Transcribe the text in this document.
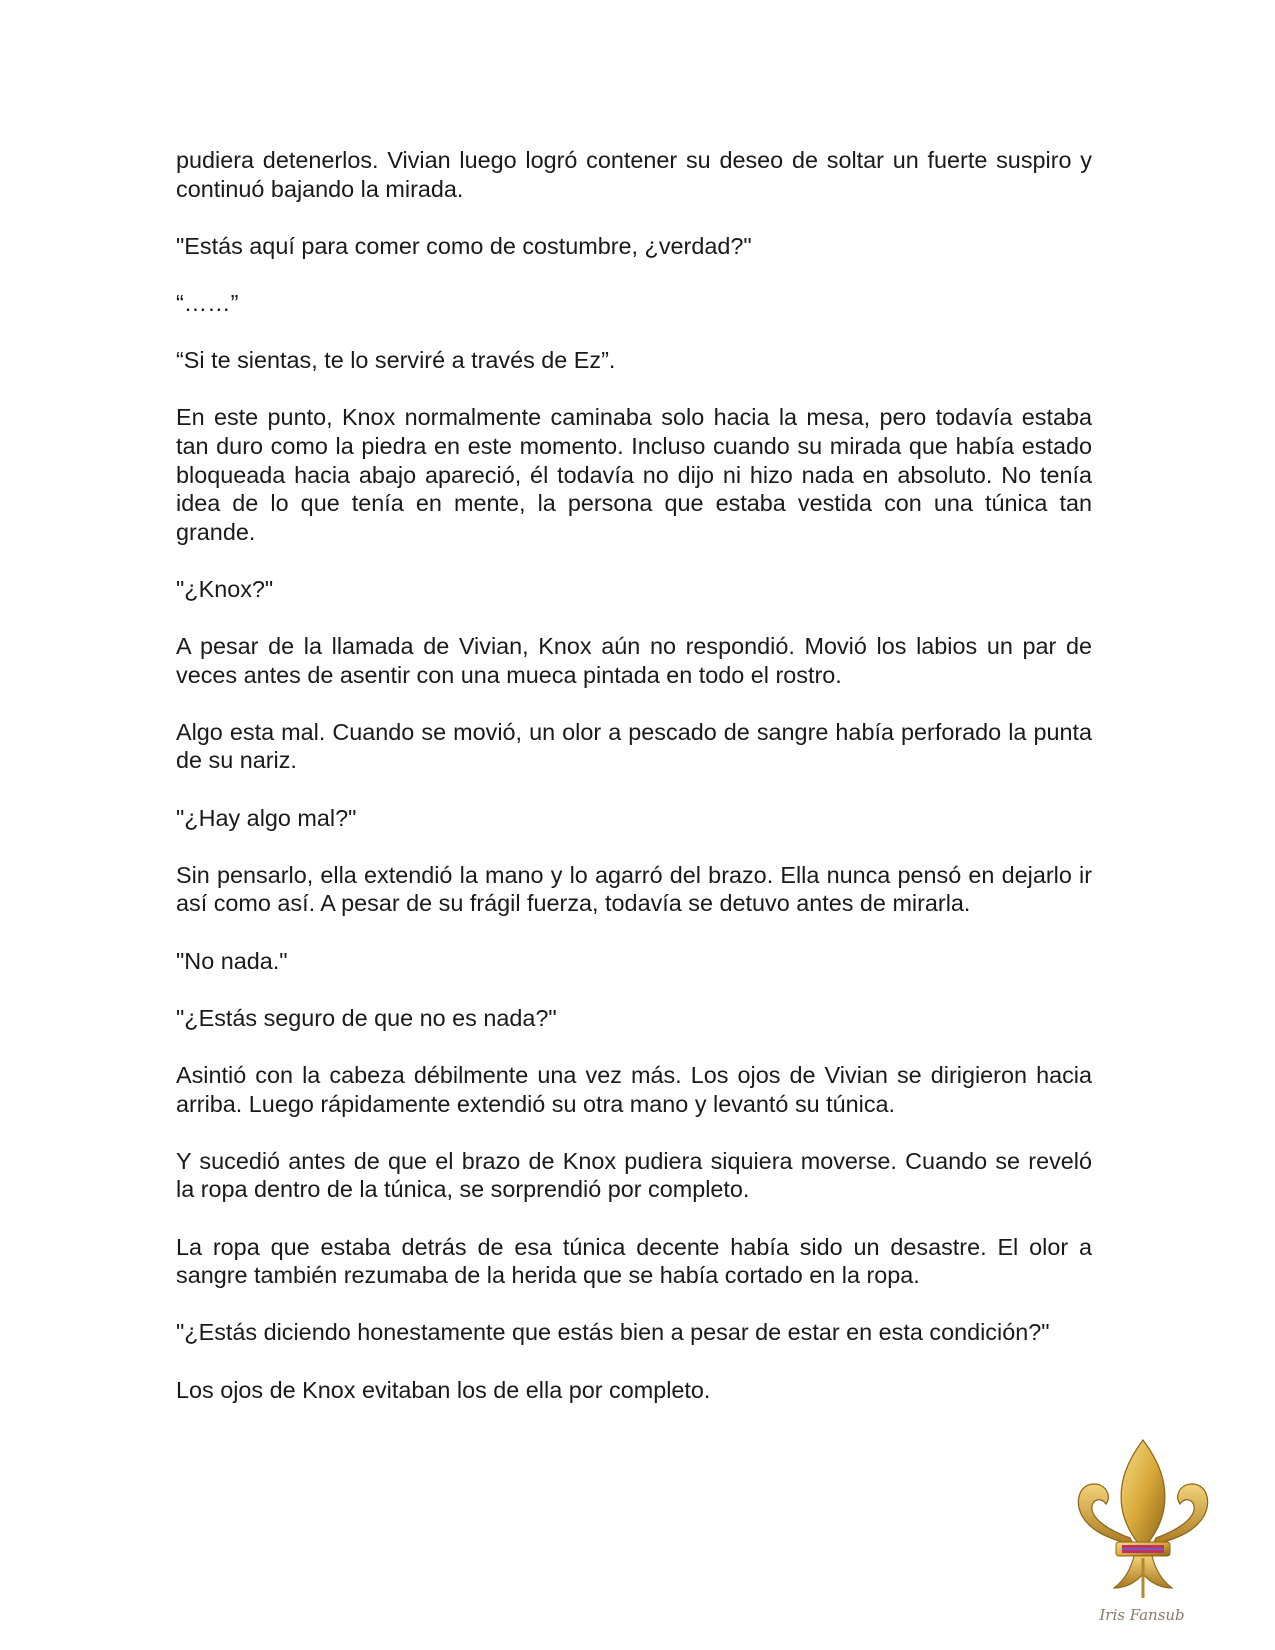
pudiera detenerlos. Vivian luego logró contener su deseo de soltar un fuerte suspiro y continuó bajando la mirada.

"Estás aquí para comer como de costumbre, ¿verdad?"

“……”

“Si te sientas, te lo serviré a través de Ez”.

En este punto, Knox normalmente caminaba solo hacia la mesa, pero todavía estaba tan duro como la piedra en este momento. Incluso cuando su mirada que había estado bloqueada hacia abajo apareció, él todavía no dijo ni hizo nada en absoluto. No tenía idea de lo que tenía en mente, la persona que estaba vestida con una túnica tan grande.

"¿Knox?"

A pesar de la llamada de Vivian, Knox aún no respondió. Movió los labios un par de veces antes de asentir con una mueca pintada en todo el rostro.

Algo esta mal. Cuando se movió, un olor a pescado de sangre había perforado la punta de su nariz.

"¿Hay algo mal?"

Sin pensarlo, ella extendió la mano y lo agarró del brazo. Ella nunca pensó en dejarlo ir así como así. A pesar de su frágil fuerza, todavía se detuvo antes de mirarla.

"No nada."

"¿Estás seguro de que no es nada?"

Asintió con la cabeza débilmente una vez más. Los ojos de Vivian se dirigieron hacia arriba. Luego rápidamente extendió su otra mano y levantó su túnica.

Y sucedió antes de que el brazo de Knox pudiera siquiera moverse. Cuando se reveló la ropa dentro de la túnica, se sorprendió por completo.

La ropa que estaba detrás de esa túnica decente había sido un desastre. El olor a sangre también rezumaba de la herida que se había cortado en la ropa.

"¿Estás diciendo honestamente que estás bien a pesar de estar en esta condición?"

Los ojos de Knox evitaban los de ella por completo.

Iris Fansub
